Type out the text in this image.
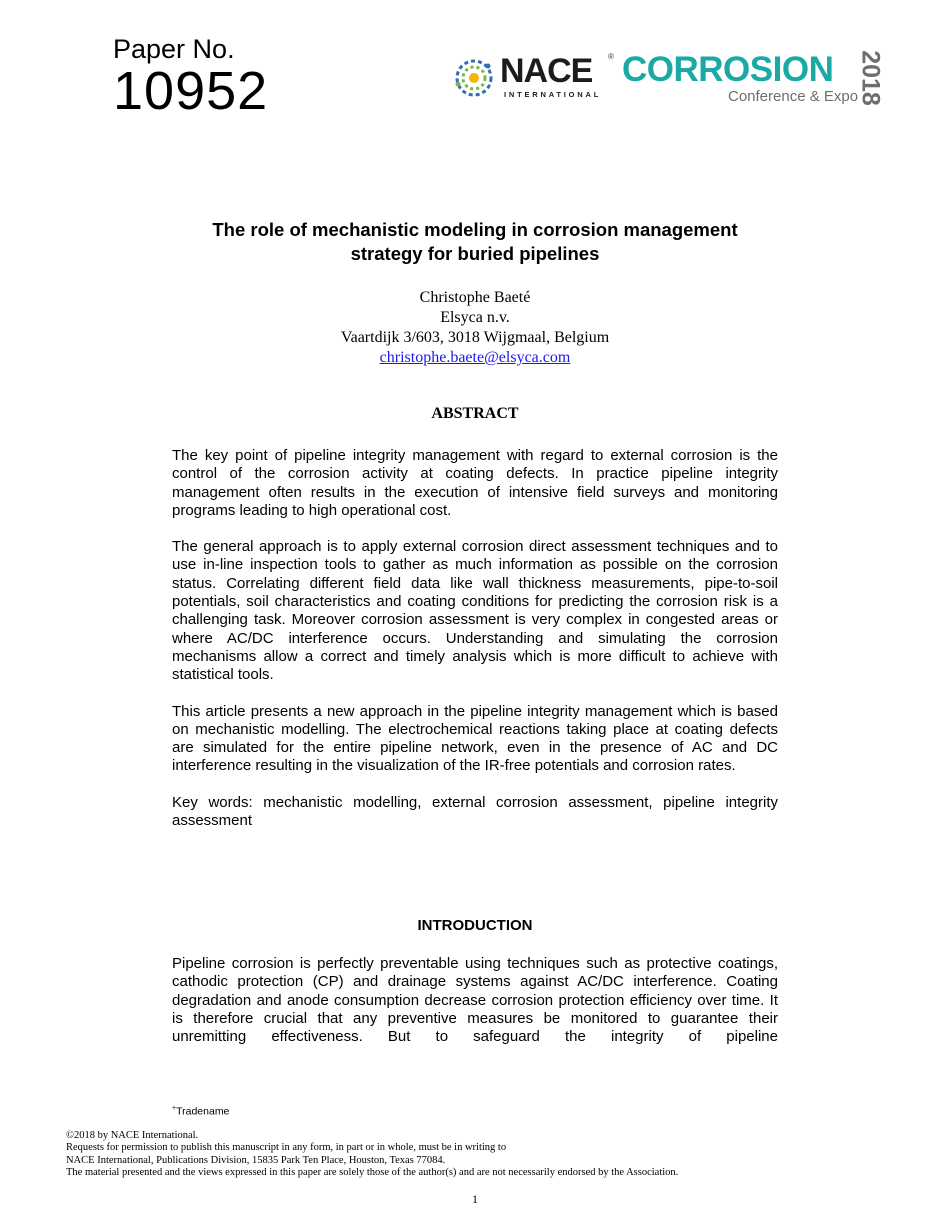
Paper No.
10952	NACE ®
INTERNATIONAL
CORROSION
Conference & Expo
2018
The role of mechanistic modeling in corrosion management
strategy for buried pipelines
Christophe Baeté
Elsyca n.v.
Vaartdijk 3/603, 3018 Wijgmaal, Belgium
christophe.baete@elsyca.com
ABSTRACT

The key point of pipeline integrity management with regard to external corrosion is the control of the corrosion activity at coating defects. In practice pipeline integrity management often results in the execution of intensive field surveys and monitoring programs leading to high operational cost.

The general approach is to apply external corrosion direct assessment techniques and to use in-line inspection tools to gather as much information as possible on the corrosion status. Correlating different field data like wall thickness measurements, pipe-to-soil potentials, soil characteristics and coating conditions for predicting the corrosion risk is a challenging task. Moreover corrosion assessment is very complex in congested areas or where AC/DC interference occurs. Understanding and simulating the corrosion mechanisms allow a correct and timely analysis which is more difficult to achieve with statistical tools.

This article presents a new approach in the pipeline integrity management which is based on mechanistic modelling. The electrochemical reactions taking place at coating defects are simulated for the entire pipeline network, even in the presence of AC and DC interference resulting in the visualization of the IR-free potentials and corrosion rates.

Key words: mechanistic modelling, external corrosion assessment, pipeline integrity assessment

INTRODUCTION

Pipeline corrosion is perfectly preventable using techniques such as protective coatings, cathodic protection (CP) and drainage systems against AC/DC interference. Coating degradation and anode consumption decrease corrosion protection efficiency over time. It is therefore crucial that any preventive measures be monitored to guarantee their unremitting effectiveness. But to safeguard the integrity of pipeline

+Tradename
©2018 by NACE International.
Requests for permission to publish this manuscript in any form, in part or in whole, must be in writing to
NACE International, Publications Division, 15835 Park Ten Place, Houston, Texas 77084.
The material presented and the views expressed in this paper are solely those of the author(s) and are not necessarily endorsed by the Association.
1
